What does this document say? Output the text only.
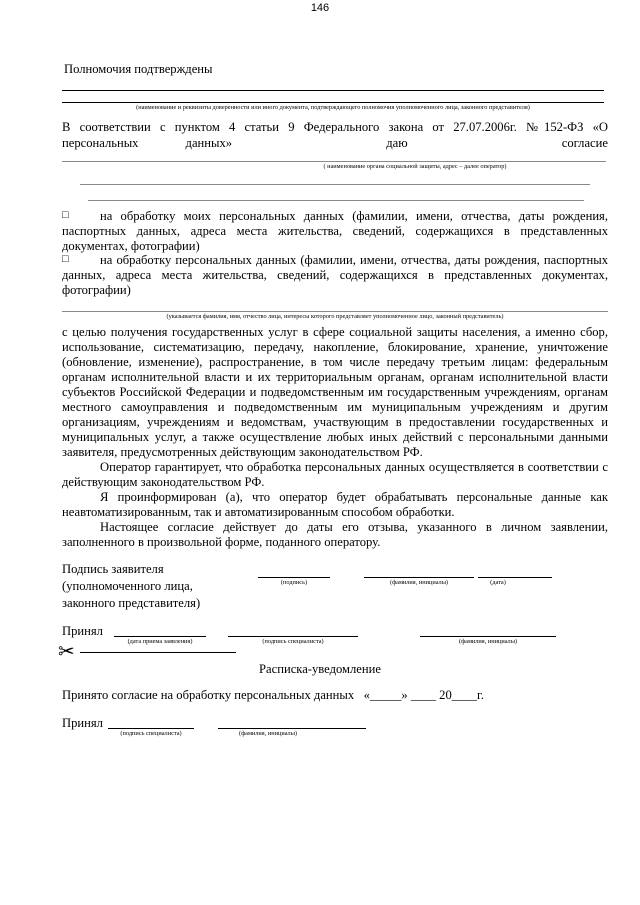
146
Полномочия подтверждены
(наименование и реквизиты доверенности или иного документа, подтверждающего полномочия уполномоченного лица, законного представителя)
В соответствии с пунктом 4 статьи 9 Федерального закона от 27.07.2006г. №152-ФЗ «О
персональных	данных»	даю	согласие
( наименование органа социальной защиты, адрес – далее оператор)
□	на обработку моих персональных данных (фамилии, имени, отчества, даты рождения, паспортных данных, адреса места жительства, сведений, содержащихся в представленных документах, фотографии)
□	на обработку персональных данных (фамилии, имени, отчества, даты рождения, паспортных данных, адреса места жительства, сведений, содержащихся в представленных документах, фотографии)
(указывается фамилия, имя, отчество лица, интересы которого представляет уполномоченное лицо, законный представитель)
с целью получения государственных услуг в сфере социальной защиты населения, а именно сбор, использование, систематизацию, передачу, накопление, блокирование, хранение, уничтожение (обновление, изменение), распространение, в том числе передачу третьим лицам: федеральным органам исполнительной власти и их территориальным органам, органам исполнительной власти субъектов Российской Федерации и подведомственным им государственным учреждениям, органам местного самоуправления и подведомственным им муниципальным учреждениям и другим организациям, учреждениям и ведомствам, участвующим в предоставлении государственных и муниципальных услуг, а также осуществление любых иных действий с персональными данными заявителя, предусмотренных действующим законодательством РФ.
Оператор гарантирует, что обработка персональных данных осуществляется в соответствии с действующим законодательством РФ.
Я проинформирован (а), что оператор будет обрабатывать персональные данные как неавтоматизированным, так и автоматизированным способом обработки.
Настоящее согласие действует до даты его отзыва, указанного в личном заявлении, заполненного в произвольной форме, поданного оператору.
Подпись заявителя
(уполномоченного лица,
законного представителя)
(подпись)	(фамилия, инициалы)	(дата)
Принял
(дата приема заявления)	(подпись специалиста)	(фамилия, инициалы)
✂
Расписка-уведомление
Принято согласие на обработку персональных данных   «_____» ____ 20____г.
Принял
(подпись специалиста)	(фамилия, инициалы)
